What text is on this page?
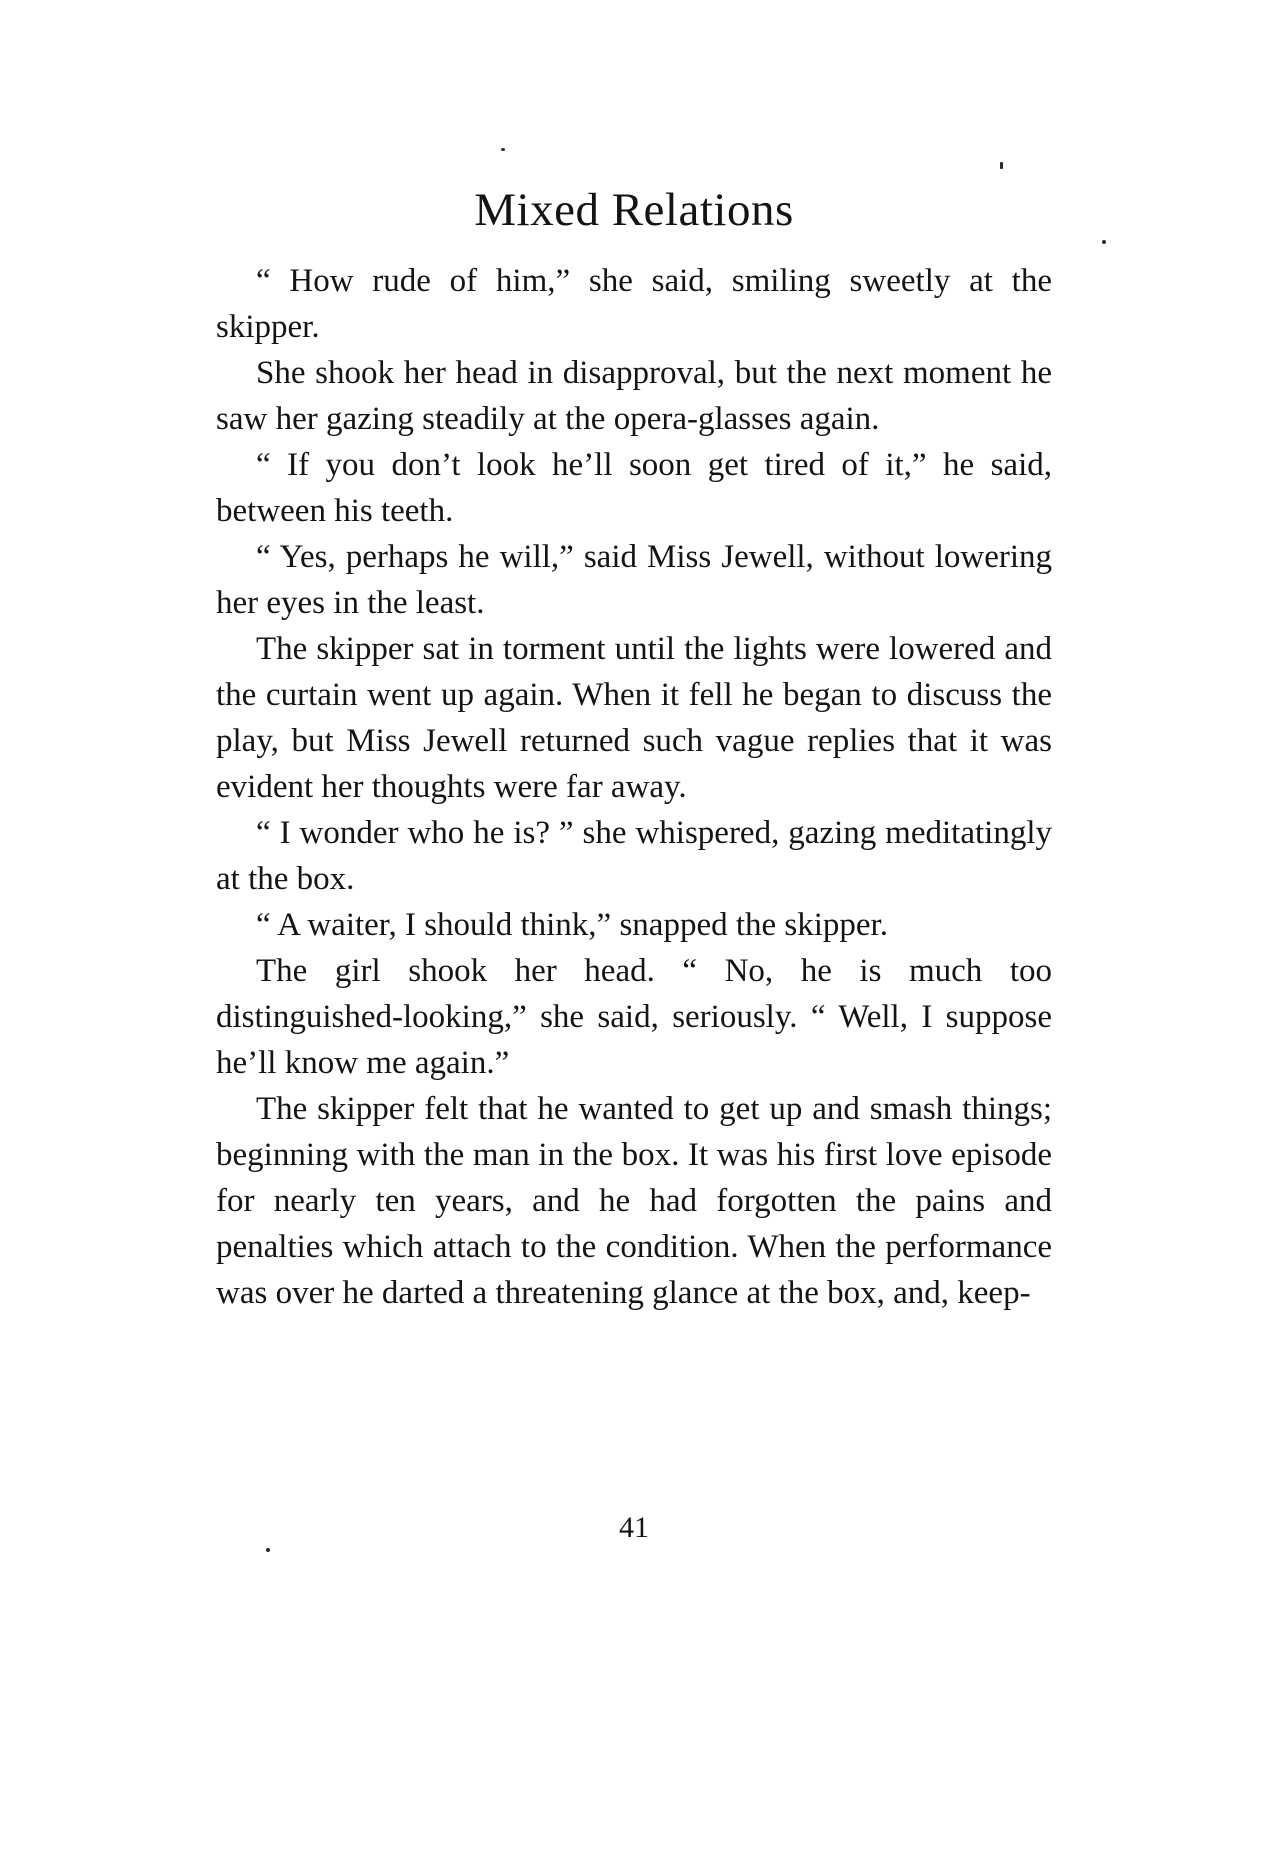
Mixed Relations

“ How rude of him,” she said, smiling sweetly at the skipper.

She shook her head in disapproval, but the next moment he saw her gazing steadily at the opera-glasses again.

“ If you don’t look he’ll soon get tired of it,” he said, between his teeth.

“ Yes, perhaps he will,” said Miss Jewell, without lowering her eyes in the least.

The skipper sat in torment until the lights were lowered and the curtain went up again. When it fell he began to discuss the play, but Miss Jewell returned such vague replies that it was evident her thoughts were far away.

“ I wonder who he is? ” she whispered, gazing meditatingly at the box.

“ A waiter, I should think,” snapped the skipper.

The girl shook her head. “ No, he is much too distinguished-looking,” she said, seriously. “ Well, I suppose he’ll know me again.”

The skipper felt that he wanted to get up and smash things; beginning with the man in the box. It was his first love episode for nearly ten years, and he had forgotten the pains and penalties which attach to the condition. When the performance was over he darted a threatening glance at the box, and, keep-

41
